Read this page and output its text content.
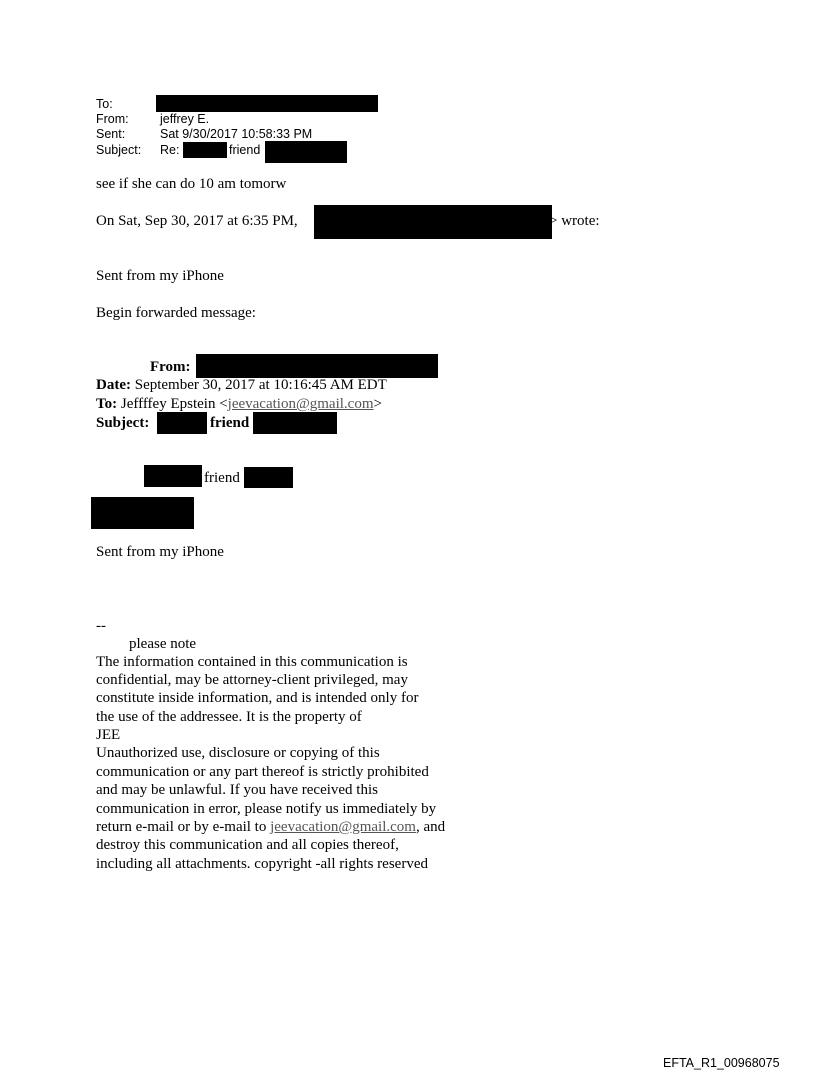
To:
From:	jeffrey E.
Sent:	Sat 9/30/2017 10:58:33 PM
Subject: Re:	friend
see if she can do 10 am tomorw
On Sat, Sep 30, 2017 at 6:35 PM,	> wrote:
Sent from my iPhone
Begin forwarded message:
From:
Date: September 30, 2017 at 10:16:45 AM EDT
To: Jeffffey Epstein <jeevacation@gmail.com>
Subject:	friend
friend
Sent from my iPhone
--
please note
The information contained in this communication is
confidential, may be attorney-client privileged, may
constitute inside information, and is intended only for
the use of the addressee. It is the property of
JEE
Unauthorized use, disclosure or copying of this
communication or any part thereof is strictly prohibited
and may be unlawful. If you have received this
communication in error, please notify us immediately by
return e-mail or by e-mail to jeevacation@gmail.com, and
destroy this communication and all copies thereof,
including all attachments. copyright -all rights reserved
EFTA_R1_00968075
